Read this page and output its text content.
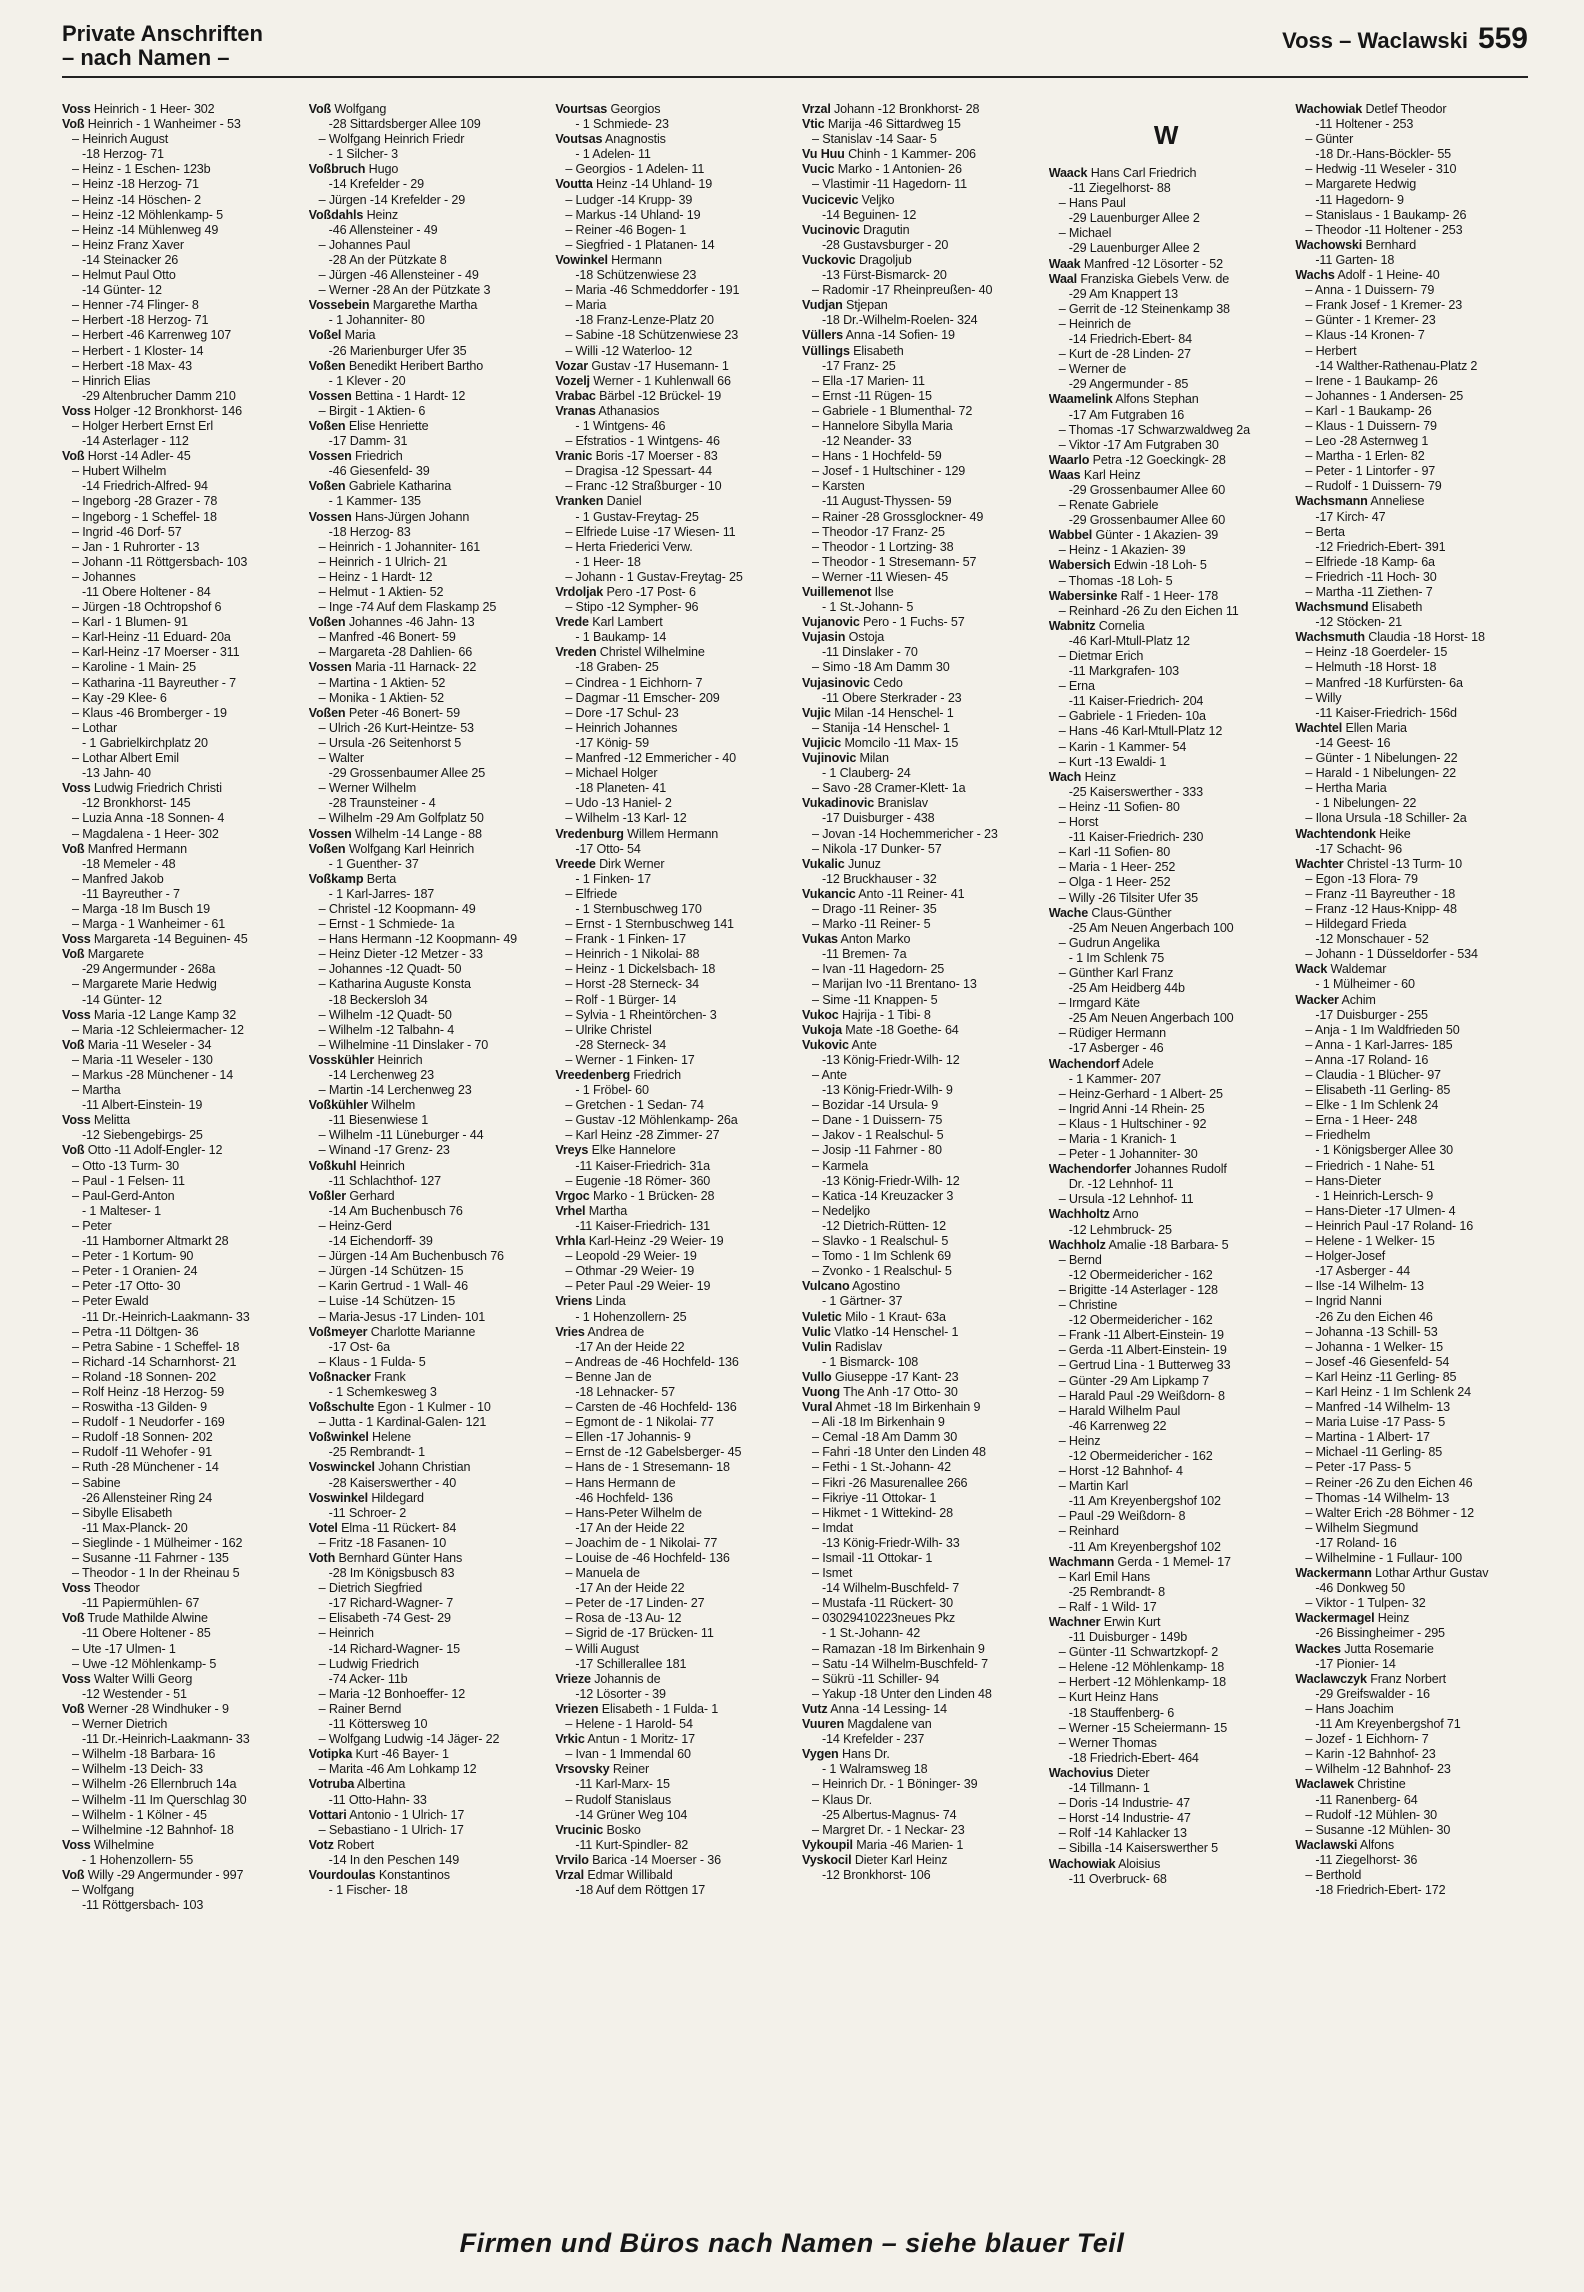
Private Anschriften
– nach Namen –
Voss – Waclawski 559
Voss Heinrich - 1 Heer- 302
Voß Heinrich - 1 Wanheimer - 53
– Heinrich August
-18 Herzog- 71
– Heinz - 1 Eschen- 123b
– Heinz -18 Herzog- 71
– Heinz -14 Höschen- 2
– Heinz -12 Möhlenkamp- 5
– Heinz -14 Mühlenweg 49
– Heinz Franz Xaver
-14 Steinacker 26
– Helmut Paul Otto
-14 Günter- 12
– Henner -74 Flinger- 8
– Herbert -18 Herzog- 71
– Herbert -46 Karrenweg 107
– Herbert - 1 Kloster- 14
– Herbert -18 Max- 43
– Hinrich Elias
-29 Altenbrucher Damm 210
Voss Holger -12 Bronkhorst- 146
– Holger Herbert Ernst Erl
-14 Asterlager - 112
Voß Horst -14 Adler- 45
– Hubert Wilhelm
-14 Friedrich-Alfred- 94
– Ingeborg -28 Grazer - 78
– Ingeborg - 1 Scheffel- 18
– Ingrid -46 Dorf- 57
– Jan - 1 Ruhrorter - 13
– Johann -11 Röttgersbach- 103
– Johannes
-11 Obere Holtener - 84
– Jürgen -18 Ochtropshof 6
– Karl - 1 Blumen- 91
– Karl-Heinz -11 Eduard- 20a
– Karl-Heinz -17 Moerser - 311
– Karoline - 1 Main- 25
– Katharina -11 Bayreuther - 7
– Kay -29 Klee- 6
– Klaus -46 Bromberger - 19
– Lothar
- 1 Gabrielkirchplatz 20
– Lothar Albert Emil
-13 Jahn- 40
Voss Ludwig Friedrich Christi
-12 Bronkhorst- 145
– Luzia Anna -18 Sonnen- 4
– Magdalena - 1 Heer- 302
Voß Manfred Hermann
-18 Memeler - 48
– Manfred Jakob
-11 Bayreuther - 7
– Marga -18 Im Busch 19
– Marga - 1 Wanheimer - 61
Voss Margareta -14 Beguinen- 45
Voß Margarete
-29 Angermunder - 268a
– Margarete Marie Hedwig
-14 Günter- 12
Voss Maria -12 Lange Kamp 32
– Maria -12 Schleiermacher- 12
Voß Maria -11 Weseler - 34
– Maria -11 Weseler - 130
– Markus -28 Münchener - 14
– Martha
-11 Albert-Einstein- 19
Voss Melitta
-12 Siebengebirgs- 25
Voß Otto -11 Adolf-Engler- 12
– Otto -13 Turm- 30
– Paul - 1 Felsen- 11
– Paul-Gerd-Anton
- 1 Malteser- 1
– Peter
-11 Hamborner Altmarkt 28
– Peter - 1 Kortum- 90
– Peter - 1 Oranien- 24
– Peter -17 Otto- 30
– Peter Ewald
-11 Dr.-Heinrich-Laakmann- 33
– Petra -11 Döltgen- 36
– Petra Sabine - 1 Scheffel- 18
– Richard -14 Scharnhorst- 21
– Roland -18 Sonnen- 202
– Rolf Heinz -18 Herzog- 59
– Roswitha -13 Gilden- 9
– Rudolf - 1 Neudorfer - 169
– Rudolf -18 Sonnen- 202
– Rudolf -11 Wehofer - 91
– Ruth -28 Münchener - 14
– Sabine
-26 Allensteiner Ring 24
– Sibylle Elisabeth
-11 Max-Planck- 20
– Sieglinde - 1 Mülheimer - 162
– Susanne -11 Fahrner - 135
– Theodor - 1 In der Rheinau 5
Voss Theodor
-11 Papiermühlen- 67
Voß Trude Mathilde Alwine
-11 Obere Holtener - 85
– Ute -17 Ulmen- 1
– Uwe -12 Möhlenkamp- 5
Voss Walter Willi Georg
-12 Westender - 51
Voß Werner -28 Windhuker - 9
– Werner Dietrich
-11 Dr.-Heinrich-Laakmann- 33
– Wilhelm -18 Barbara- 16
– Wilhelm -13 Deich- 33
– Wilhelm -26 Ellernbruch 14a
– Wilhelm -11 Im Querschlag 30
– Wilhelm - 1 Kölner - 45
– Wilhelmine -12 Bahnhof- 18
Voss Wilhelmine
- 1 Hohenzollern- 55
Voß Willy -29 Angermunder - 997
– Wolfgang
-11 Röttgersbach- 103
Voß Wolfgang
-28 Sittardsberger Allee 109
– Wolfgang Heinrich Friedr
- 1 Silcher- 3
Voßbruch Hugo
-14 Krefelder - 29
– Jürgen -14 Krefelder - 29
Voßdahls Heinz
-46 Allensteiner - 49
– Johannes Paul
-28 An der Pützkate 8
– Jürgen -46 Allensteiner - 49
– Werner -28 An der Pützkate 3
Vossebein Margarethe Martha
- 1 Johanniter- 80
Voßel Maria
-26 Marienburger Ufer 35
Voßen Benedikt Heribert Bartho
- 1 Klever - 20
Vossen Bettina - 1 Hardt- 12
– Birgit - 1 Aktien- 6
Voßen Elise Henriette
-17 Damm- 31
Vossen Friedrich
-46 Giesenfeld- 39
Voßen Gabriele Katharina
- 1 Kammer- 135
Vossen Hans-Jürgen Johann
-18 Herzog- 83
– Heinrich - 1 Johanniter- 161
– Heinrich - 1 Ulrich- 21
– Heinz - 1 Hardt- 12
– Helmut - 1 Aktien- 52
– Inge -74 Auf dem Flaskamp 25
Voßen Johannes -46 Jahn- 13
– Manfred -46 Bonert- 59
– Margareta -28 Dahlien- 66
Vossen Maria -11 Harnack- 22
– Martina - 1 Aktien- 52
– Monika - 1 Aktien- 52
Voßen Peter -46 Bonert- 59
– Ulrich -26 Kurt-Heintze- 53
– Ursula -26 Seitenhorst 5
– Walter
-29 Grossenbaumer Allee 25
– Werner Wilhelm
-28 Traunsteiner - 4
– Wilhelm -29 Am Golfplatz 50
Vossen Wilhelm -14 Lange - 88
Voßen Wolfgang Karl Heinrich
- 1 Guenther- 37
Voßkamp Berta
- 1 Karl-Jarres- 187
– Christel -12 Koopmann- 49
– Ernst - 1 Schmiede- 1a
– Hans Hermann -12 Koopmann- 49
– Heinz Dieter -12 Metzer - 33
– Johannes -12 Quadt- 50
– Katharina Auguste Konsta
-18 Beckersloh 34
– Wilhelm -12 Quadt- 50
– Wilhelm -12 Talbahn- 4
– Wilhelmine -11 Dinslaker - 70
Vosskühler Heinrich
-14 Lerchenweg 23
– Martin -14 Lerchenweg 23
Voßkühler Wilhelm
-11 Biesenwiese 1
– Wilhelm -11 Lüneburger - 44
– Winand -17 Grenz- 23
Voßkuhl Heinrich
-11 Schlachthof- 127
Voßler Gerhard
-14 Am Buchenbusch 76
– Heinz-Gerd
-14 Eichendorff- 39
– Jürgen -14 Am Buchenbusch 76
– Jürgen -14 Schützen- 15
– Karin Gertrud - 1 Wall- 46
– Luise -14 Schützen- 15
– Maria-Jesus -17 Linden- 101
Voßmeyer Charlotte Marianne
-17 Ost- 6a
– Klaus - 1 Fulda- 5
Voßnacker Frank
- 1 Schemkesweg 3
Voßschulte Egon - 1 Kulmer - 10
– Jutta - 1 Kardinal-Galen- 121
Voßwinkel Helene
-25 Rembrandt- 1
Voswinckel Johann Christian
-28 Kaiserswerther - 40
Voswinkel Hildegard
-11 Schroer- 2
Votel Elma -11 Rückert- 84
– Fritz -18 Fasanen- 10
Voth Bernhard Günter Hans
-28 Im Königsbusch 83
– Dietrich Siegfried
-17 Richard-Wagner- 7
– Elisabeth -74 Gest- 29
– Heinrich
-14 Richard-Wagner- 15
– Ludwig Friedrich
-74 Acker- 11b
– Maria -12 Bonhoeffer- 12
– Rainer Bernd
-11 Köttersweg 10
– Wolfgang Ludwig -14 Jäger- 22
Votipka Kurt -46 Bayer- 1
– Marita -46 Am Lohkamp 12
Votruba Albertina
-11 Otto-Hahn- 33
Vottari Antonio - 1 Ulrich- 17
– Sebastiano - 1 Ulrich- 17
Votz Robert
-14 In den Peschen 149
Vourdoulas Konstantinos
- 1 Fischer- 18
Vourtsas Georgios
- 1 Schmiede- 23
Voutsas Anagnostis
- 1 Adelen- 11
– Georgios - 1 Adelen- 11
Voutta Heinz -14 Uhland- 19
– Ludger -14 Krupp- 39
– Markus -14 Uhland- 19
– Reiner -46 Bogen- 1
– Siegfried - 1 Platanen- 14
Vowinkel Hermann
-18 Schützenwiese 23
– Maria -46 Schmeddorfer - 191
– Maria
-18 Franz-Lenze-Platz 20
– Sabine -18 Schützenwiese 23
– Willi -12 Waterloo- 12
Vozar Gustav -17 Husemann- 1
Vozelj Werner - 1 Kuhlenwall 66
Vrabac Bärbel -12 Brückel- 19
Vranas Athanasios
- 1 Wintgens- 46
– Efstratios - 1 Wintgens- 46
Vranic Boris -17 Moerser - 83
– Dragisa -12 Spessart- 44
– Franc -12 Straßburger - 10
Vranken Daniel
- 1 Gustav-Freytag- 25
– Elfriede Luise -17 Wiesen- 11
– Herta Friederici Verw.
- 1 Heer- 18
– Johann - 1 Gustav-Freytag- 25
Vrdoljak Pero -17 Post- 6
– Stipo -12 Sympher- 96
Vrede Karl Lambert
- 1 Baukamp- 14
Vreden Christel Wilhelmine
-18 Graben- 25
– Cindrea - 1 Eichhorn- 7
– Dagmar -11 Emscher- 209
– Dore -17 Schul- 23
– Heinrich Johannes
-17 König- 59
– Manfred -12 Emmericher - 40
– Michael Holger
-18 Planeten- 41
– Udo -13 Haniel- 2
– Wilhelm -13 Karl- 12
Vredenburg Willem Hermann
-17 Otto- 54
Vreede Dirk Werner
- 1 Finken- 17
– Elfriede
- 1 Sternbuschweg 170
– Ernst - 1 Sternbuschweg 141
– Frank - 1 Finken- 17
– Heinrich - 1 Nikolai- 88
– Heinz - 1 Dickelsbach- 18
– Horst -28 Sterneck- 34
– Rolf - 1 Bürger- 14
– Sylvia - 1 Rheintörchen- 3
– Ulrike Christel
-28 Sterneck- 34
– Werner - 1 Finken- 17
Vreedenberg Friedrich
- 1 Fröbel- 60
– Gretchen - 1 Sedan- 74
– Gustav -12 Möhlenkamp- 26a
– Karl Heinz -28 Zimmer- 27
Vreys Elke Hannelore
-11 Kaiser-Friedrich- 31a
– Eugenie -18 Römer- 360
Vrgoc Marko - 1 Brücken- 28
Vrhel Martha
-11 Kaiser-Friedrich- 131
Vrhla Karl-Heinz -29 Weier- 19
– Leopold -29 Weier- 19
– Othmar -29 Weier- 19
– Peter Paul -29 Weier- 19
Vriens Linda
- 1 Hohenzollern- 25
Vries Andrea de
-17 An der Heide 22
– Andreas de -46 Hochfeld- 136
– Benne Jan de
-18 Lehnacker- 57
– Carsten de -46 Hochfeld- 136
– Egmont de - 1 Nikolai- 77
– Ellen -17 Johannis- 9
– Ernst de -12 Gabelsberger- 45
– Hans de - 1 Stresemann- 18
– Hans Hermann de
-46 Hochfeld- 136
– Hans-Peter Wilhelm de
-17 An der Heide 22
– Joachim de - 1 Nikolai- 77
– Louise de -46 Hochfeld- 136
– Manuela de
-17 An der Heide 22
– Peter de -17 Linden- 27
– Rosa de -13 Au- 12
– Sigrid de -17 Brücken- 11
– Willi August
-17 Schillerallee 181
Vrieze Johannis de
-12 Lösorter - 39
Vriezen Elisabeth - 1 Fulda- 1
– Helene - 1 Harold- 54
Vrkic Antun - 1 Moritz- 17
– Ivan - 1 Immendal 60
Vrsovsky Reiner
-11 Karl-Marx- 15
– Rudolf Stanislaus
-14 Grüner Weg 104
Vrucinic Bosko
-11 Kurt-Spindler- 82
Vrvilo Barica -14 Moerser - 36
Vrzal Edmar Willibald
-18 Auf dem Röttgen 17
Vrzal Johann -12 Bronkhorst- 28
Vtic Marija -46 Sittardweg 15
– Stanislav -14 Saar- 5
Vu Huu Chinh - 1 Kammer- 206
Vucic Marko - 1 Antonien- 26
– Vlastimir -11 Hagedorn- 11
Vucicevic Veljko
-14 Beguinen- 12
Vucinovic Dragutin
-28 Gustavsburger - 20
Vuckovic Dragoljub
-13 Fürst-Bismarck- 20
– Radomir -17 Rheinpreußen- 40
Vudjan Stjepan
-18 Dr.-Wilhelm-Roelen- 324
Vüllers Anna -14 Sofien- 19
Vüllings Elisabeth
-17 Franz- 25
– Ella -17 Marien- 11
– Ernst -11 Rügen- 15
– Gabriele - 1 Blumenthal- 72
– Hannelore Sibylla Maria
-12 Neander- 33
– Hans - 1 Hochfeld- 59
– Josef - 1 Hultschiner - 129
– Karsten
-11 August-Thyssen- 59
– Rainer -28 Grossglockner- 49
– Theodor -17 Franz- 25
– Theodor - 1 Lortzing- 38
– Theodor - 1 Stresemann- 57
– Werner -11 Wiesen- 45
Vuillemenot Ilse
- 1 St.-Johann- 5
Vujanovic Pero - 1 Fuchs- 57
Vujasin Ostoja
-11 Dinslaker - 70
– Simo -18 Am Damm 30
Vujasinovic Cedo
-11 Obere Sterkrader - 23
Vujic Milan -14 Henschel- 1
– Stanija -14 Henschel- 1
Vujicic Momcilo -11 Max- 15
Vujinovic Milan
- 1 Clauberg- 24
– Savo -28 Cramer-Klett- 1a
Vukadinovic Branislav
-17 Duisburger - 438
– Jovan -14 Hochemmericher - 23
– Nikola -17 Dunker- 57
Vukalic Junuz
-12 Bruckhauser - 32
Vukancic Anto -11 Reiner- 41
– Drago -11 Reiner- 35
– Marko -11 Reiner- 5
Vukas Anton Marko
-11 Bremen- 7a
– Ivan -11 Hagedorn- 25
– Marijan Ivo -11 Brentano- 13
– Sime -11 Knappen- 5
Vukoc Hajrija - 1 Tibi- 8
Vukoja Mate -18 Goethe- 64
Vukovic Ante
-13 König-Friedr-Wilh- 12
– Ante
-13 König-Friedr-Wilh- 9
– Bozidar -14 Ursula- 9
– Dane - 1 Duissern- 75
– Jakov - 1 Realschul- 5
– Josip -11 Fahrner - 80
– Karmela
-13 König-Friedr-Wilh- 12
– Katica -14 Kreuzacker 3
– Nedeljko
-12 Dietrich-Rütten- 12
– Slavko - 1 Realschul- 5
– Tomo - 1 Im Schlenk 69
– Zvonko - 1 Realschul- 5
Vulcano Agostino
- 1 Gärtner- 37
Vuletic Milo - 1 Kraut- 63a
Vulic Vlatko -14 Henschel- 1
Vulin Radislav
- 1 Bismarck- 108
Vullo Giuseppe -17 Kant- 23
Vuong The Anh -17 Otto- 30
Vural Ahmet -18 Im Birkenhain 9
– Ali -18 Im Birkenhain 9
– Cemal -18 Am Damm 30
– Fahri -18 Unter den Linden 48
– Fethi - 1 St.-Johann- 42
– Fikri -26 Masurenallee 266
– Fikriye -11 Ottokar- 1
– Hikmet - 1 Wittekind- 28
– Imdat
-13 König-Friedr-Wilh- 33
– Ismail -11 Ottokar- 1
– Ismet
-14 Wilhelm-Buschfeld- 7
– Mustafa -11 Rückert- 30
– 03029410223neues Pkz
- 1 St.-Johann- 42
– Ramazan -18 Im Birkenhain 9
– Satu -14 Wilhelm-Buschfeld- 7
– Sükrü -11 Schiller- 94
– Yakup -18 Unter den Linden 48
Vutz Anna -14 Lessing- 14
Vuuren Magdalene van
-14 Krefelder - 237
Vygen Hans Dr.
- 1 Walramsweg 18
– Heinrich Dr. - 1 Böninger- 39
– Klaus Dr.
-25 Albertus-Magnus- 74
– Margret Dr. - 1 Neckar- 23
Vykoupil Maria -46 Marien- 1
Vyskocil Dieter Karl Heinz
-12 Bronkhorst- 106
W
Waack Hans Carl Friedrich
-11 Ziegelhorst- 88
– Hans Paul
-29 Lauenburger Allee 2
– Michael
-29 Lauenburger Allee 2
Waak Manfred -12 Lösorter - 52
Waal Franziska Giebels Verw. de
-29 Am Knappert 13
– Gerrit de -12 Steinenkamp 38
– Heinrich de
-14 Friedrich-Ebert- 84
– Kurt de -28 Linden- 27
– Werner de
-29 Angermunder - 85
Waamelink Alfons Stephan
-17 Am Futgraben 16
– Thomas -17 Schwarzwaldweg 2a
– Viktor -17 Am Futgraben 30
Waarlo Petra -12 Goeckingk- 28
Waas Karl Heinz
-29 Grossenbaumer Allee 60
– Renate Gabriele
-29 Grossenbaumer Allee 60
Wabbel Günter - 1 Akazien- 39
– Heinz - 1 Akazien- 39
Wabersich Edwin -18 Loh- 5
– Thomas -18 Loh- 5
Wabersinke Ralf - 1 Heer- 178
– Reinhard -26 Zu den Eichen 11
Wabnitz Cornelia
-46 Karl-Mtull-Platz 12
– Dietmar Erich
-11 Markgrafen- 103
– Erna
-11 Kaiser-Friedrich- 204
– Gabriele - 1 Frieden- 10a
– Hans -46 Karl-Mtull-Platz 12
– Karin - 1 Kammer- 54
– Kurt -13 Ewaldi- 1
Wach Heinz
-25 Kaiserswerther - 333
– Heinz -11 Sofien- 80
– Horst
-11 Kaiser-Friedrich- 230
– Karl -11 Sofien- 80
– Maria - 1 Heer- 252
– Olga - 1 Heer- 252
– Willy -26 Tilsiter Ufer 35
Wache Claus-Günther
-25 Am Neuen Angerbach 100
– Gudrun Angelika
- 1 Im Schlenk 75
– Günther Karl Franz
-25 Am Heidberg 44b
– Irmgard Käte
-25 Am Neuen Angerbach 100
– Rüdiger Hermann
-17 Asberger - 46
Wachendorf Adele
- 1 Kammer- 207
– Heinz-Gerhard - 1 Albert- 25
– Ingrid Anni -14 Rhein- 25
– Klaus - 1 Hultschiner - 92
– Maria - 1 Kranich- 1
– Peter - 1 Johanniter- 30
Wachendorfer Johannes Rudolf
Dr. -12 Lehnhof- 11
– Ursula -12 Lehnhof- 11
Wachholtz Arno
-12 Lehmbruck- 25
Wachholz Amalie -18 Barbara- 5
– Bernd
-12 Obermeidericher - 162
– Brigitte -14 Asterlager - 128
– Christine
-12 Obermeidericher - 162
– Frank -11 Albert-Einstein- 19
– Gerda -11 Albert-Einstein- 19
– Gertrud Lina - 1 Butterweg 33
– Günter -29 Am Lipkamp 7
– Harald Paul -29 Weißdorn- 8
– Harald Wilhelm Paul
-46 Karrenweg 22
– Heinz
-12 Obermeidericher - 162
– Horst -12 Bahnhof- 4
– Martin Karl
-11 Am Kreyenbergshof 102
– Paul -29 Weißdorn- 8
– Reinhard
-11 Am Kreyenbergshof 102
Wachmann Gerda - 1 Memel- 17
– Karl Emil Hans
-25 Rembrandt- 8
– Ralf - 1 Wild- 17
Wachner Erwin Kurt
-11 Duisburger - 149b
– Günter -11 Schwartzkopf- 2
– Helene -12 Möhlenkamp- 18
– Herbert -12 Möhlenkamp- 18
– Kurt Heinz Hans
-18 Stauffenberg- 6
– Werner -15 Scheiermann- 15
– Werner Thomas
-18 Friedrich-Ebert- 464
Wachovius Dieter
-14 Tillmann- 1
– Doris -14 Industrie- 47
– Horst -14 Industrie- 47
– Rolf -14 Kahlacker 13
– Sibilla -14 Kaiserswerther 5
Wachowiak Aloisius
-11 Overbruck- 68
Wachowiak Detlef Theodor
-11 Holtener - 253
– Günter
-18 Dr.-Hans-Böckler- 55
– Hedwig -11 Weseler - 310
– Margarete Hedwig
-11 Hagedorn- 9
– Stanislaus - 1 Baukamp- 26
– Theodor -11 Holtener - 253
Wachowski Bernhard
-11 Garten- 18
Wachs Adolf - 1 Heine- 40
– Anna - 1 Duissern- 79
– Frank Josef - 1 Kremer- 23
– Günter - 1 Kremer- 23
– Klaus -14 Kronen- 7
– Herbert
-14 Walther-Rathenau-Platz 2
– Irene - 1 Baukamp- 26
– Johannes - 1 Andersen- 25
– Karl - 1 Baukamp- 26
– Klaus - 1 Duissern- 79
– Leo -28 Asternweg 1
– Martha - 1 Erlen- 82
– Peter - 1 Lintorfer - 97
– Rudolf - 1 Duissern- 79
Wachsmann Anneliese
-17 Kirch- 47
– Berta
-12 Friedrich-Ebert- 391
– Elfriede -18 Kamp- 6a
– Friedrich -11 Hoch- 30
– Martha -11 Ziethen- 7
Wachsmund Elisabeth
-12 Stöcken- 21
Wachsmuth Claudia -18 Horst- 18
– Heinz -18 Goerdeler- 15
– Helmuth -18 Horst- 18
– Manfred -18 Kurfürsten- 6a
– Willy
-11 Kaiser-Friedrich- 156d
Wachtel Ellen Maria
-14 Geest- 16
– Günter - 1 Nibelungen- 22
– Harald - 1 Nibelungen- 22
– Hertha Maria
- 1 Nibelungen- 22
– Ilona Ursula -18 Schiller- 2a
Wachtendonk Heike
-17 Schacht- 96
Wachter Christel -13 Turm- 10
– Egon -13 Flora- 79
– Franz -11 Bayreuther - 18
– Franz -12 Haus-Knipp- 48
– Hildegard Frieda
-12 Monschauer - 52
– Johann - 1 Düsseldorfer - 534
Wack Waldemar
- 1 Mülheimer - 60
Wacker Achim
-17 Duisburger - 255
– Anja - 1 Im Waldfrieden 50
– Anna - 1 Karl-Jarres- 185
– Anna -17 Roland- 16
– Claudia - 1 Blücher- 97
– Elisabeth -11 Gerling- 85
– Elke - 1 Im Schlenk 24
– Erna - 1 Heer- 248
– Friedhelm
- 1 Königsberger Allee 30
– Friedrich - 1 Nahe- 51
– Hans-Dieter
- 1 Heinrich-Lersch- 9
– Hans-Dieter -17 Ulmen- 4
– Heinrich Paul -17 Roland- 16
– Helene - 1 Welker- 15
– Holger-Josef
-17 Asberger - 44
– Ilse -14 Wilhelm- 13
– Ingrid Nanni
-26 Zu den Eichen 46
– Johanna -13 Schill- 53
– Johanna - 1 Welker- 15
– Josef -46 Giesenfeld- 54
– Karl Heinz -11 Gerling- 85
– Karl Heinz - 1 Im Schlenk 24
– Manfred -14 Wilhelm- 13
– Maria Luise -17 Pass- 5
– Martina - 1 Albert- 17
– Michael -11 Gerling- 85
– Peter -17 Pass- 5
– Reiner -26 Zu den Eichen 46
– Thomas -14 Wilhelm- 13
– Walter Erich -28 Böhmer - 12
– Wilhelm Siegmund
-17 Roland- 16
– Wilhelmine - 1 Fullaur- 100
Wackermann Lothar Arthur Gustav
-46 Donkweg 50
– Viktor - 1 Tulpen- 32
Wackermagel Heinz
-26 Bissingheimer - 295
Wackes Jutta Rosemarie
-17 Pionier- 14
Waclawczyk Franz Norbert
-29 Greifswalder - 16
– Hans Joachim
-11 Am Kreyenbergshof 71
– Jozef - 1 Eichhorn- 7
– Karin -12 Bahnhof- 23
– Wilhelm -12 Bahnhof- 23
Waclawek Christine
-11 Ranenberg- 64
– Rudolf -12 Mühlen- 30
– Susanne -12 Mühlen- 30
Waclawski Alfons
-11 Ziegelhorst- 36
– Berthold
-18 Friedrich-Ebert- 172
Firmen und Büros nach Namen – siehe blauer Teil
